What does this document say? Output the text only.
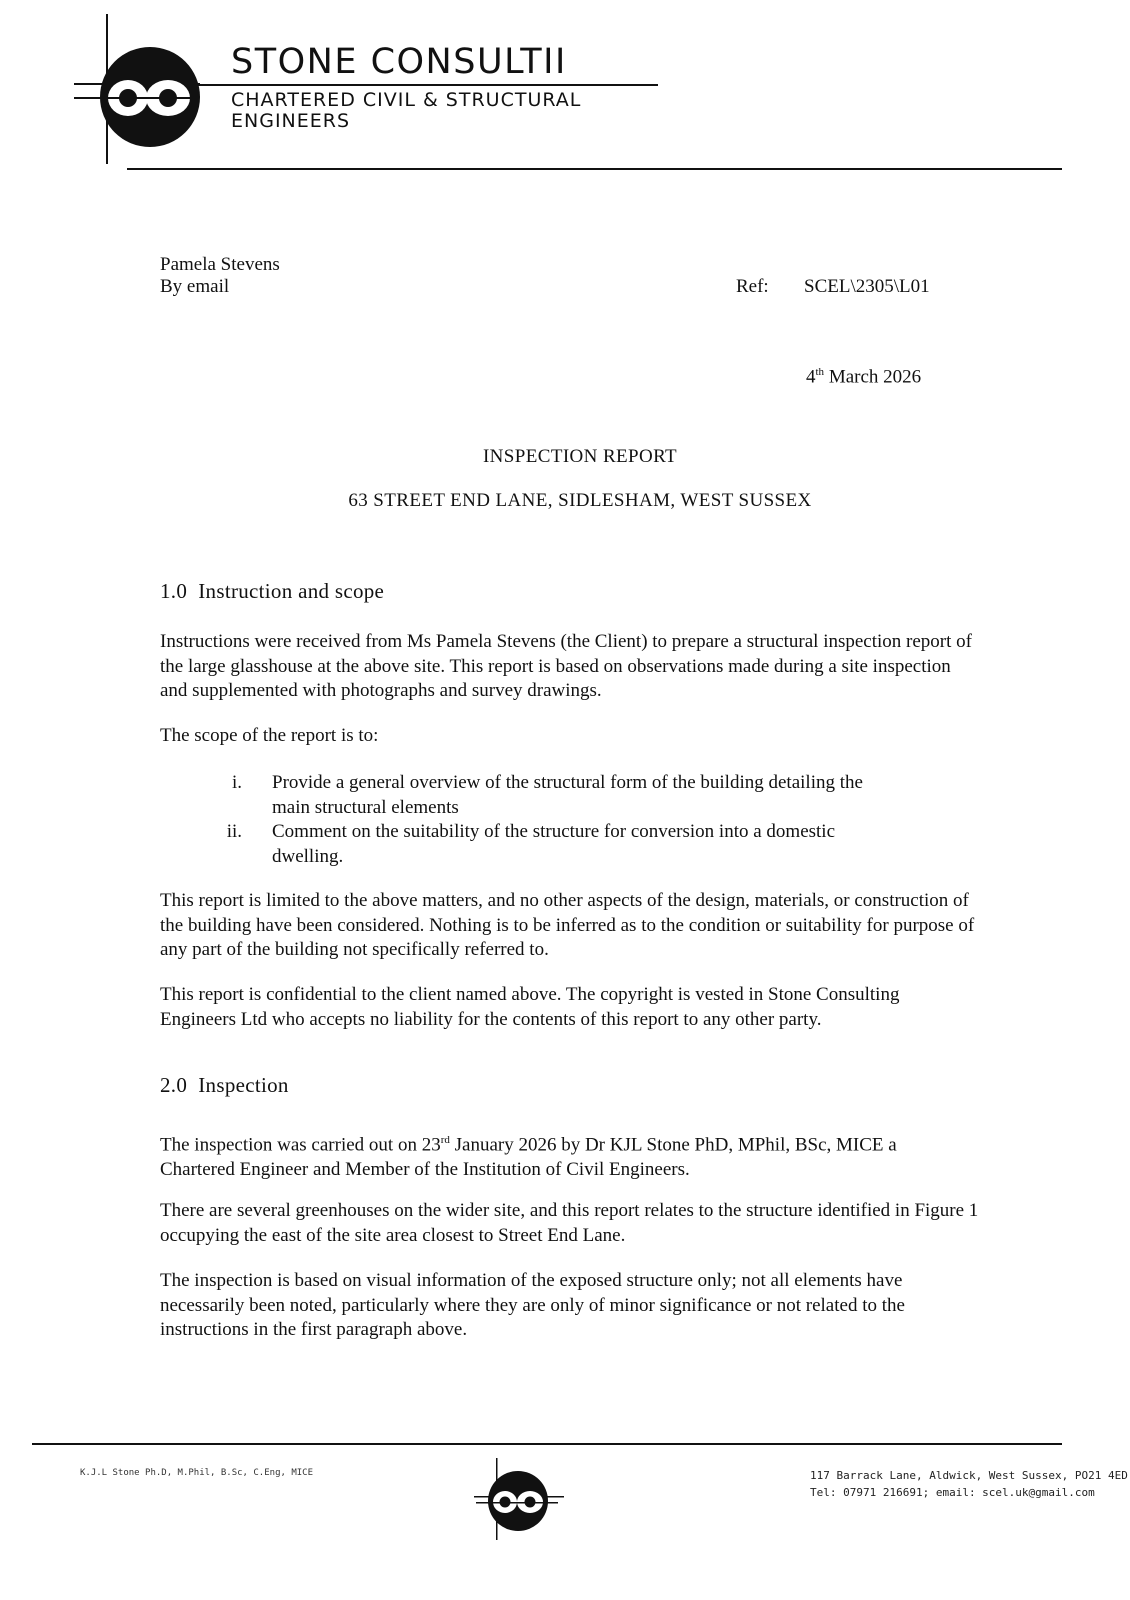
STONE CONSULTII
CHARTERED CIVIL & STRUCTURAL ENGINEERS
Pamela Stevens
By email	Ref: SCEL\2305\L01
4th March 2026
INSPECTION REPORT
63 STREET END LANE, SIDLESHAM, WEST SUSSEX
1.0  Instruction and scope
Instructions were received from Ms Pamela Stevens (the Client) to prepare a structural inspection report of the large glasshouse at the above site. This report is based on observations made during a site inspection and supplemented with photographs and survey drawings.
The scope of the report is to:
i. Provide a general overview of the structural form of the building detailing the main structural elements
ii. Comment on the suitability of the structure for conversion into a domestic dwelling.
This report is limited to the above matters, and no other aspects of the design, materials, or construction of the building have been considered. Nothing is to be inferred as to the condition or suitability for purpose of any part of the building not specifically referred to.
This report is confidential to the client named above. The copyright is vested in Stone Consulting Engineers Ltd who accepts no liability for the contents of this report to any other party.
2.0  Inspection
The inspection was carried out on 23rd January 2026 by Dr KJL Stone PhD, MPhil, BSc, MICE a Chartered Engineer and Member of the Institution of Civil Engineers.
There are several greenhouses on the wider site, and this report relates to the structure identified in Figure 1 occupying the east of the site area closest to Street End Lane.
The inspection is based on visual information of the exposed structure only; not all elements have necessarily been noted, particularly where they are only of minor significance or not related to the instructions in the first paragraph above.
K.J.L Stone Ph.D, M.Phil, B.Sc, C.Eng, MICE	117 Barrack Lane, Aldwick, West Sussex, PO21 4ED
Tel: 07971 216691; email: scel.uk@gmail.com
